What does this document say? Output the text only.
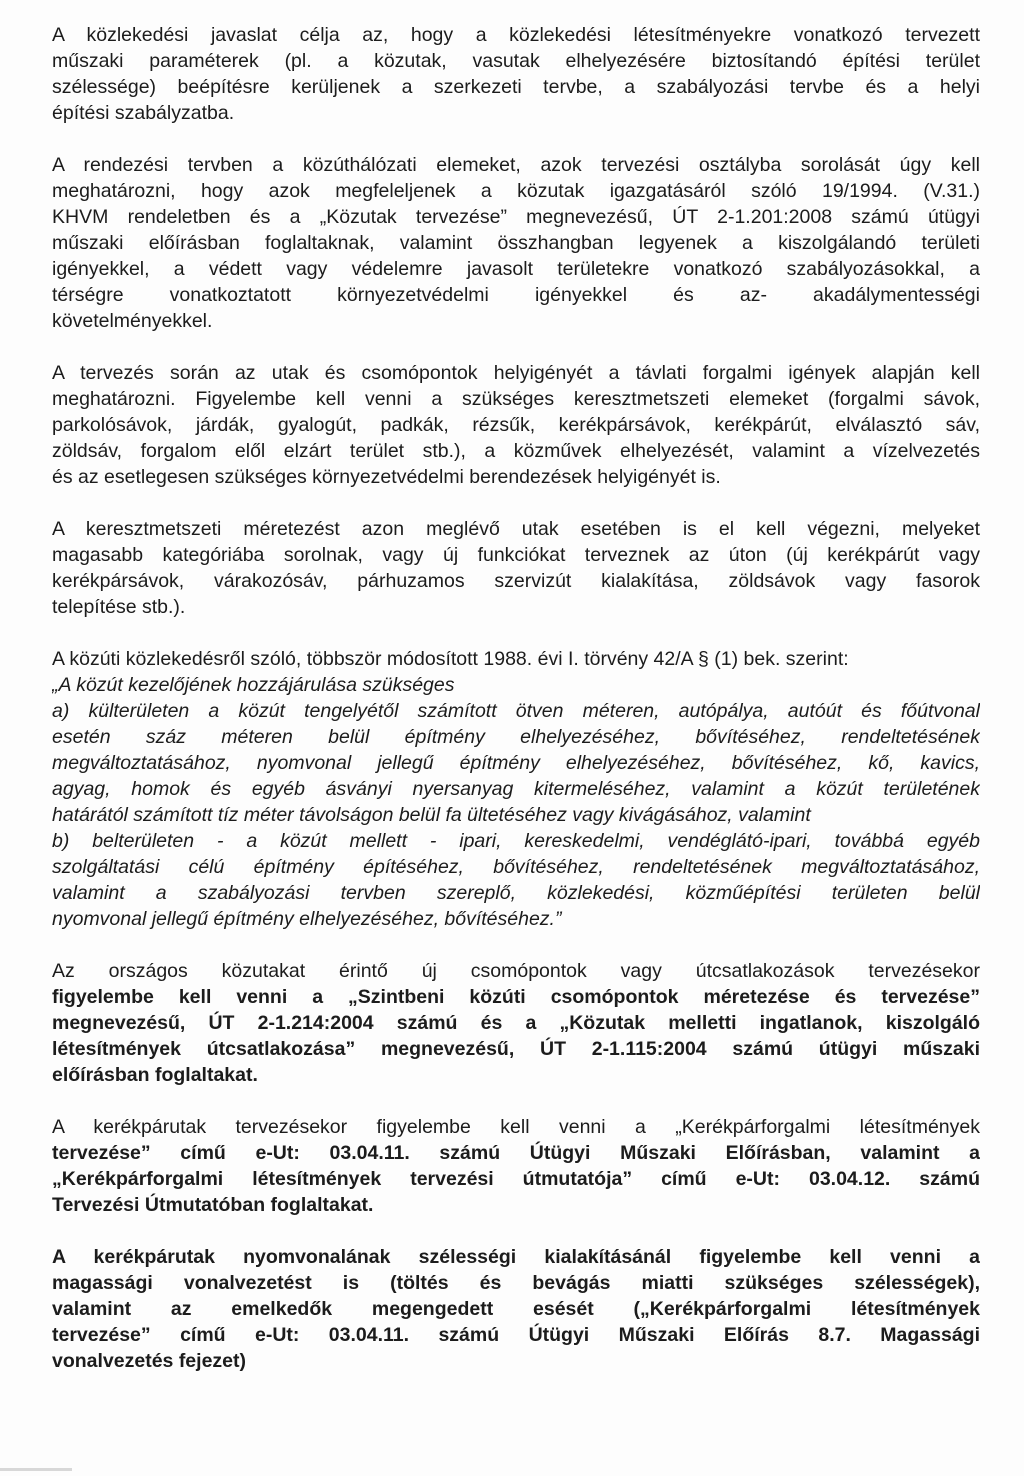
A közlekedési javaslat célja az, hogy a közlekedési létesítményekre vonatkozó tervezett
műszaki paraméterek (pl. a közutak, vasutak elhelyezésére biztosítandó építési terület
szélessége) beépítésre kerüljenek a szerkezeti tervbe, a szabályozási tervbe és a helyi
építési szabályzatba.
A rendezési tervben a közúthálózati elemeket, azok tervezési osztályba sorolását úgy kell
meghatározni, hogy azok megfeleljenek a közutak igazgatásáról szóló 19/1994. (V.31.)
KHVM rendeletben és a „Közutak tervezése” megnevezésű, ÚT 2-1.201:2008 számú útügyi
műszaki előírásban foglaltaknak, valamint összhangban legyenek a kiszolgálandó területi
igényekkel, a védett vagy védelemre javasolt területekre vonatkozó szabályozásokkal, a
térségre vonatkoztatott környezetvédelmi igényekkel és az- akadálymentességi
követelményekkel.
A tervezés során az utak és csomópontok helyigényét a távlati forgalmi igények alapján kell
meghatározni. Figyelembe kell venni a szükséges keresztmetszeti elemeket (forgalmi sávok,
parkolósávok, járdák, gyalogút, padkák, rézsűk, kerékpársávok, kerékpárút, elválasztó sáv,
zöldsáv, forgalom elől elzárt terület stb.), a közművek elhelyezését, valamint a vízelvezetés
és az esetlegesen szükséges környezetvédelmi berendezések helyigényét is.
A keresztmetszeti méretezést azon meglévő utak esetében is el kell végezni, melyeket
magasabb kategóriába sorolnak, vagy új funkciókat terveznek az úton (új kerékpárút vagy
kerékpársávok, várakozósáv, párhuzamos szervizút kialakítása, zöldsávok vagy fasorok
telepítése stb.).
A közúti közlekedésről szóló, többször módosított 1988. évi I. törvény 42/A § (1) bek. szerint:
„A közút kezelőjének hozzájárulása szükséges
a) külterületen a közút tengelyétől számított ötven méteren, autópálya, autóút és főútvonal
esetén száz méteren belül építmény elhelyezéséhez, bővítéséhez, rendeltetésének
megváltoztatásához, nyomvonal jellegű építmény elhelyezéséhez, bővítéséhez, kő, kavics,
agyag, homok és egyéb ásványi nyersanyag kitermeléséhez, valamint a közút területének
határától számított tíz méter távolságon belül fa ültetéséhez vagy kivágásához, valamint
b) belterületen - a közút mellett - ipari, kereskedelmi, vendéglátó-ipari, továbbá egyéb
szolgáltatási célú építmény építéséhez, bővítéséhez, rendeltetésének megváltoztatásához,
valamint a szabályozási tervben szereplő, közlekedési, közműépítési területen belül
nyomvonal jellegű építmény elhelyezéséhez, bővítéséhez.”
Az országos közutakat érintő új csomópontok vagy útcsatlakozások tervezésekor
figyelembe kell venni a „Szintbeni közúti csomópontok méretezése és tervezése”
megnevezésű, ÚT 2-1.214:2004 számú és a „Közutak melletti ingatlanok, kiszolgáló
létesítmények útcsatlakozása” megnevezésű, ÚT 2-1.115:2004 számú útügyi műszaki
előírásban foglaltakat.
A kerékpárutak tervezésekor figyelembe kell venni a „Kerékpárforgalmi létesítmények
tervezése” című e-Ut: 03.04.11. számú Útügyi Műszaki Előírásban, valamint a
„Kerékpárforgalmi létesítmények tervezési útmutatója” című e-Ut: 03.04.12. számú
Tervezési Útmutatóban foglaltakat.
A kerékpárutak nyomvonalának szélességi kialakításánál figyelembe kell venni a
magassági vonalvezetést is (töltés és bevágás miatti szükséges szélességek),
valamint az emelkedők megengedett esését („Kerékpárforgalmi létesítmények
tervezése” című e-Ut: 03.04.11. számú Útügyi Műszaki Előírás 8.7. Magassági
vonalvezetés fejezet)
